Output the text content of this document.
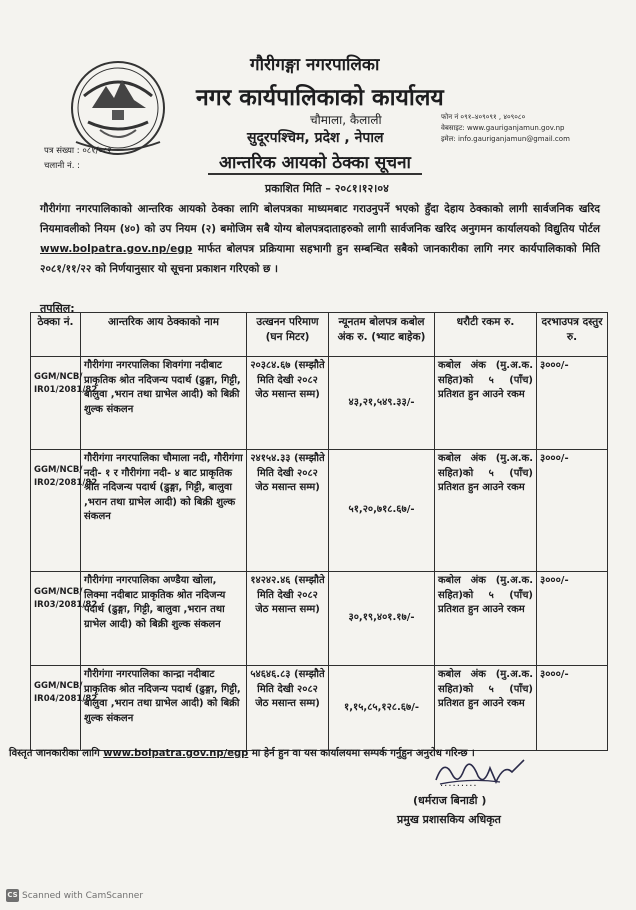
गौरीगङ्गा नगरपालिका
नगर कार्यपालिकाको कार्यालय
चौमाला, कैलाली
सुदूरपश्चिम, प्रदेश , नेपाल
फोन नं ०९१–४०९०९१ , ४०९०८०
वेबसाइट: www.gauriganjamun.gov.np
इमेल: info.gauriganjamun@gmail.com
पत्र संख्या : ०८१/०८२
चलानी नं. :	आन्तरिक आयको ठेक्का सूचना
प्रकाशित मिति – २०८१।१२।०४
गौरीगंगा नगरपालिकाको आन्तरिक आयको ठेक्का लागि बोलपत्रका माध्यमबाट गराउनुपर्ने भएको हुँदा देहाय ठेक्काको लागी सार्वजनिक खरिद नियमावलीको नियम (४०) को उप नियम (२) बमोजिम सबै योग्य बोलपत्रदाताहरुको लागी सार्वजनिक खरिद अनुगमन कार्यालयको विद्युतिय पोर्टल www.bolpatra.gov.np/egp मार्फत बोलपत्र प्रक्रियामा सहभागी हुन सम्बन्धित सबैको जानकारीका लागि नगर कार्यपालिकाको मिति २०८१/११/२२ को निर्णयानुसार यो सूचना प्रकाशन गरिएको छ ।
तपसिल:
ठेक्का नं.	आन्तरिक आय ठेक्काको नाम	उत्खनन परिमाण (घन मिटर)	न्यूनतम बोलपत्र कबोल अंक रु. (भ्याट बाहेक)	धरौटी रकम रु.	दरभाउपत्र दस्तुर रु.
GGM/NCB/ IR01/2081/82	गौरीगंगा नगरपालिका शिवगंगा नदीबाट प्राकृतिक श्रोत नदिजन्य पदार्थ (ढुङ्गा, गिट्टी, बालुवा ,भरान तथा ग्राभेल आदी) को बिक्री शुल्क संकलन	२०३८४.६७ (सम्झौते मिति देखी २०८२ जेठ मसान्त सम्म)	४३,२१,५४९.३३/-	कबोल अंक (मु.अ.क. सहित)को ५ (पाँच) प्रतिशत हुन आउने रकम	३०००/-
GGM/NCB/ IR02/2081/82	गौरीगंगा नगरपालिका चौमाला नदी, गौरीगंगा नदी- १ र गौरीगंगा नदी- ४ बाट प्राकृतिक श्रोत नदिजन्य पदार्थ (ढुङ्गा, गिट्टी, बालुवा ,भरान तथा ग्राभेल आदी) को बिक्री शुल्क संकलन	२४१५४.३३ (सम्झौते मिति देखी २०८२ जेठ मसान्त सम्म)	५१,२०,७१८.६७/-	कबोल अंक (मु.अ.क. सहित)को ५ (पाँच) प्रतिशत हुन आउने रकम	३०००/-
GGM/NCB/ IR03/2081/82	गौरीगंगा नगरपालिका अण्डैया खोला, लिक्मा नदीबाट प्राकृतिक श्रोत नदिजन्य पदार्थ (ढुङ्गा, गिट्टी, बालुवा ,भरान तथा ग्राभेल आदी) को बिक्री शुल्क संकलन	१४२४२.४६ (सम्झौते मिति देखी २०८२ जेठ मसान्त सम्म)	३०,१९,४०१.१७/-	कबोल अंक (मु.अ.क. सहित)को ५ (पाँच) प्रतिशत हुन आउने रकम	३०००/-
GGM/NCB/ IR04/2081/82	गौरीगंगा नगरपालिका कान्द्रा नदीबाट प्राकृतिक श्रोत नदिजन्य पदार्थ (ढुङ्गा, गिट्टी, बालुवा ,भरान तथा ग्राभेल आदी) को बिक्री शुल्क संकलन	५४६४६.८३ (सम्झौते मिति देखी २०८२ जेठ मसान्त सम्म)	१,१५,८५,१२८.६७/-	कबोल अंक (मु.अ.क. सहित)को ५ (पाँच) प्रतिशत हुन आउने रकम	३०००/-
विस्तृत जानकारीका लागि www.bolpatra.gov.np/egp मा हेर्न हुन वा यस कार्यालयमा सम्पर्क गर्नुहुन अनुरोध गरिन्छ ।
.........
(धर्मराज बिनाडी )
प्रमुख प्रशासकिय अधिकृत
CS Scanned with CamScanner
